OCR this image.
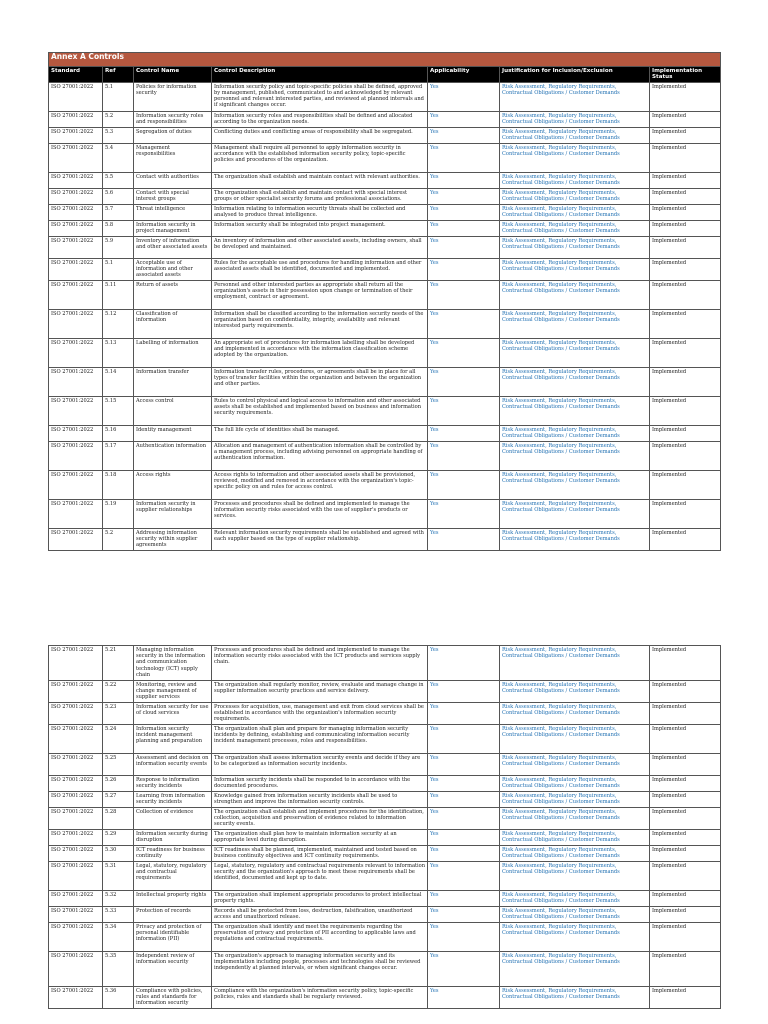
Annex A Controls						
Standard	Ref	Control Name	Control Description	Applicability	Justification for Inclusion/Exclusion	Implementation Status
ISO 27001:2022	5.1	Policies for information security	Information security policy and topic-specific policies shall be defined, approved by management, published, communicated to and acknowledged by relevant personnel and relevant interested parties, and reviewed at planned intervals and if significant changes occur.	Yes	Risk Assessment, Regulatory Requirements, Contractual Obligations / Customer Demands	Implemented
ISO 27001:2022	5.2	Information security roles and responsibilities	Information security roles and responsibilities shall be defined and allocated according to the organization needs.	Yes	Risk Assessment, Regulatory Requirements, Contractual Obligations / Customer Demands	Implemented
ISO 27001:2022	5.3	Segregation of duties	Conflicting duties and conflicting areas of responsibility shall be segregated.	Yes	Risk Assessment, Regulatory Requirements, Contractual Obligations / Customer Demands	Implemented
ISO 27001:2022	5.4	Management responsibilities	Management shall require all personnel to apply information security in accordance with the established information security policy, topic-specific policies and procedures of the organization.	Yes	Risk Assessment, Regulatory Requirements, Contractual Obligations / Customer Demands	Implemented
ISO 27001:2022	5.5	Contact with authorities	The organization shall establish and maintain contact with relevant authorities.	Yes	Risk Assessment, Regulatory Requirements, Contractual Obligations / Customer Demands	Implemented
ISO 27001:2022	5.6	Contact with special interest groups	The organization shall establish and maintain contact with special interest groups or other specialist security forums and professional associations.	Yes	Risk Assessment, Regulatory Requirements, Contractual Obligations / Customer Demands	Implemented
ISO 27001:2022	5.7	Threat intelligence	Information relating to information security threats shall be collected and analysed to produce threat intelligence.	Yes	Risk Assessment, Regulatory Requirements, Contractual Obligations / Customer Demands	Implemented
ISO 27001:2022	5.8	Information security in project management	Information security shall be integrated into project management.	Yes	Risk Assessment, Regulatory Requirements, Contractual Obligations / Customer Demands	Implemented
ISO 27001:2022	5.9	Inventory of information and other associated assets	An inventory of information and other associated assets, including owners, shall be developed and maintained.	Yes	Risk Assessment, Regulatory Requirements, Contractual Obligations / Customer Demands	Implemented
ISO 27001:2022	5.1	Acceptable use of information and other associated assets	Rules for the acceptable use and procedures for handling information and other associated assets shall be identified, documented and implemented.	Yes	Risk Assessment, Regulatory Requirements, Contractual Obligations / Customer Demands	Implemented
ISO 27001:2022	5.11	Return of assets	Personnel and other interested parties as appropriate shall return all the organization's assets in their possession upon change or termination of their employment, contract or agreement.	Yes	Risk Assessment, Regulatory Requirements, Contractual Obligations / Customer Demands	Implemented
ISO 27001:2022	5.12	Classification of information	Information shall be classified according to the information security needs of the organization based on confidentiality, integrity, availability and relevant interested party requirements.	Yes	Risk Assessment, Regulatory Requirements, Contractual Obligations / Customer Demands	Implemented
ISO 27001:2022	5.13	Labelling of information	An appropriate set of procedures for information labelling shall be developed and implemented in accordance with the information classification scheme adopted by the organization.	Yes	Risk Assessment, Regulatory Requirements, Contractual Obligations / Customer Demands	Implemented
ISO 27001:2022	5.14	Information transfer	Information transfer rules, procedures, or agreements shall be in place for all types of transfer facilities within the organization and between the organization and other parties.	Yes	Risk Assessment, Regulatory Requirements, Contractual Obligations / Customer Demands	Implemented
ISO 27001:2022	5.15	Access control	Rules to control physical and logical access to information and other associated assets shall be established and implemented based on business and information security requirements.	Yes	Risk Assessment, Regulatory Requirements, Contractual Obligations / Customer Demands	Implemented
ISO 27001:2022	5.16	Identity management	The full life cycle of identities shall be managed.	Yes	Risk Assessment, Regulatory Requirements, Contractual Obligations / Customer Demands	Implemented
ISO 27001:2022	5.17	Authentication information	Allocation and management of authentication information shall be controlled by a management process, including advising personnel on appropriate handling of authentication information.	Yes	Risk Assessment, Regulatory Requirements, Contractual Obligations / Customer Demands	Implemented
ISO 27001:2022	5.18	Access rights	Access rights to information and other associated assets shall be provisioned, reviewed, modified and removed in accordance with the organization's topic-specific policy on and rules for access control.	Yes	Risk Assessment, Regulatory Requirements, Contractual Obligations / Customer Demands	Implemented
ISO 27001:2022	5.19	Information security in supplier relationships	Processes and procedures shall be defined and implemented to manage the information security risks associated with the use of supplier's products or services.	Yes	Risk Assessment, Regulatory Requirements, Contractual Obligations / Customer Demands	Implemented
ISO 27001:2022	5.2	Addressing information security within supplier agreements	Relevant information security requirements shall be established and agreed with each supplier based on the type of supplier relationship.	Yes	Risk Assessment, Regulatory Requirements, Contractual Obligations / Customer Demands	Implemented
ISO 27001:2022	5.21	Managing information security in the information and communication technology (ICT) supply chain	Processes and procedures shall be defined and implemented to manage the information security risks associated with the ICT products and services supply chain.	Yes	Risk Assessment, Regulatory Requirements, Contractual Obligations / Customer Demands	Implemented
ISO 27001:2022	5.22	Monitoring, review and change management of supplier services	The organization shall regularly monitor, review, evaluate and manage change in supplier information security practices and service delivery.	Yes	Risk Assessment, Regulatory Requirements, Contractual Obligations / Customer Demands	Implemented
ISO 27001:2022	5.23	Information security for use of cloud services	Processes for acquisition, use, management and exit from cloud services shall be established in accordance with the organization's information security requirements.	Yes	Risk Assessment, Regulatory Requirements, Contractual Obligations / Customer Demands	Implemented
ISO 27001:2022	5.24	Information security incident management planning and preparation	The organization shall plan and prepare for managing information security incidents by defining, establishing and communicating information security incident management processes, roles and responsibilities.	Yes	Risk Assessment, Regulatory Requirements, Contractual Obligations / Customer Demands	Implemented
ISO 27001:2022	5.25	Assessment and decision on information security events	The organization shall assess information security events and decide if they are to be categorized as information security incidents.	Yes	Risk Assessment, Regulatory Requirements, Contractual Obligations / Customer Demands	Implemented
ISO 27001:2022	5.26	Response to information security incidents	Information security incidents shall be responded to in accordance with the documented procedures.	Yes	Risk Assessment, Regulatory Requirements, Contractual Obligations / Customer Demands	Implemented
ISO 27001:2022	5.27	Learning from information security incidents	Knowledge gained from information security incidents shall be used to strengthen and improve the information security controls.	Yes	Risk Assessment, Regulatory Requirements, Contractual Obligations / Customer Demands	Implemented
ISO 27001:2022	5.28	Collection of evidence	The organization shall establish and implement procedures for the identification, collection, acquisition and preservation of evidence related to information security events.	Yes	Risk Assessment, Regulatory Requirements, Contractual Obligations / Customer Demands	Implemented
ISO 27001:2022	5.29	Information security during disruption	The organization shall plan how to maintain information security at an appropriate level during disruption.	Yes	Risk Assessment, Regulatory Requirements, Contractual Obligations / Customer Demands	Implemented
ISO 27001:2022	5.30	ICT readiness for business continuity	ICT readiness shall be planned, implemented, maintained and tested based on business continuity objectives and ICT continuity requirements.	Yes	Risk Assessment, Regulatory Requirements, Contractual Obligations / Customer Demands	Implemented
ISO 27001:2022	5.31	Legal, statutory, regulatory and contractual requirements	Legal, statutory, regulatory and contractual requirements relevant to information security and the organization's approach to meet these requirements shall be identified, documented and kept up to date.	Yes	Risk Assessment, Regulatory Requirements, Contractual Obligations / Customer Demands	Implemented
ISO 27001:2022	5.32	Intellectual property rights	The organization shall implement appropriate procedures to protect intellectual property rights.	Yes	Risk Assessment, Regulatory Requirements, Contractual Obligations / Customer Demands	Implemented
ISO 27001:2022	5.33	Protection of records	Records shall be protected from loss, destruction, falsification, unauthorized access and unauthorized release.	Yes	Risk Assessment, Regulatory Requirements, Contractual Obligations / Customer Demands	Implemented
ISO 27001:2022	5.34	Privacy and protection of personal identifiable information (PII)	The organization shall identify and meet the requirements regarding the preservation of privacy and protection of PII according to applicable laws and regulations and contractual requirements.	Yes	Risk Assessment, Regulatory Requirements, Contractual Obligations / Customer Demands	Implemented
ISO 27001:2022	5.35	Independent review of information security	The organization's approach to managing information security and its implementation including people, processes and technologies shall be reviewed independently at planned intervals, or when significant changes occur.	Yes	Risk Assessment, Regulatory Requirements, Contractual Obligations / Customer Demands	Implemented
ISO 27001:2022	5.36	Compliance with policies, rules and standards for information security	Compliance with the organization's information security policy, topic-specific policies, rules and standards shall be regularly reviewed.	Yes	Risk Assessment, Regulatory Requirements, Contractual Obligations / Customer Demands	Implemented
